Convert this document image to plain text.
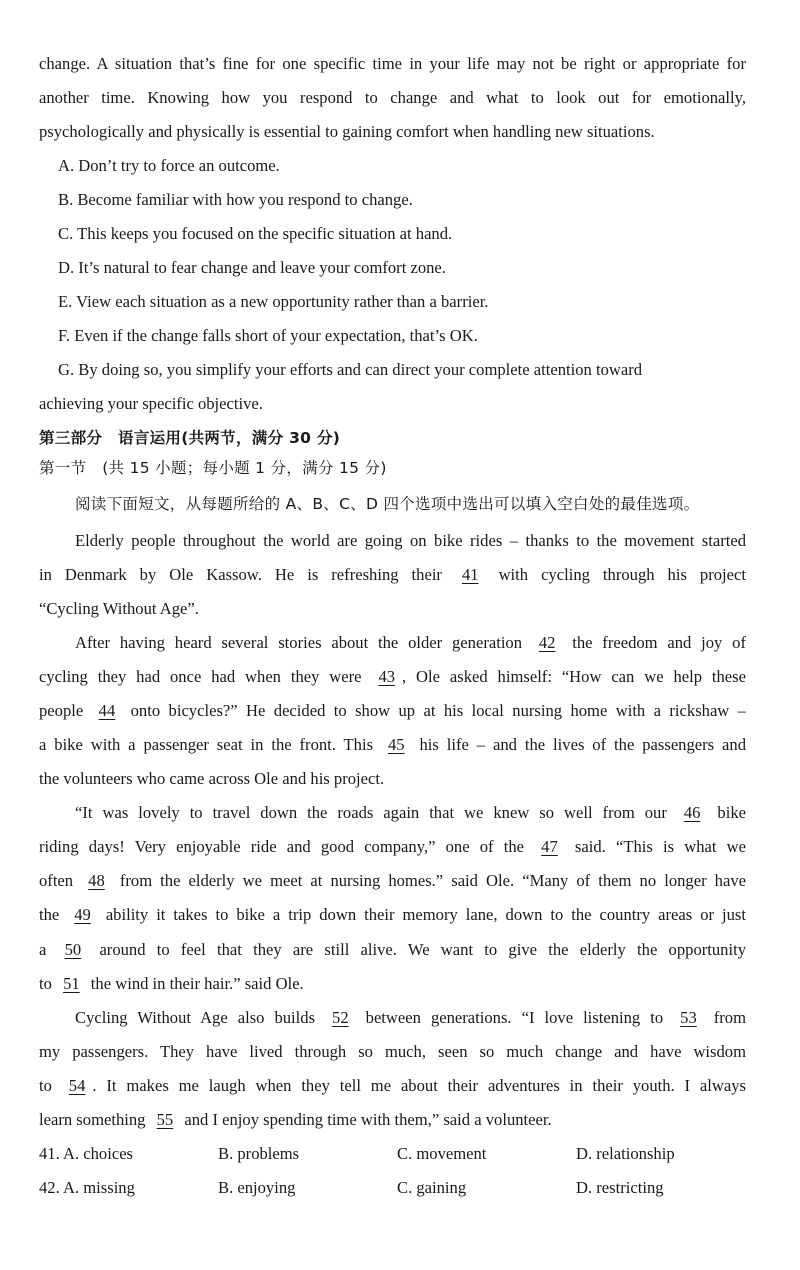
change. A situation that’s fine for one specific time in your life may not be right or appropriate for
another time. Knowing how you respond to change and what to look out for emotionally,
psychologically and physically is essential to gaining comfort when handling new situations.
A. Don’t try to force an outcome.
B. Become familiar with how you respond to change.
C. This keeps you focused on the specific situation at hand.
D. It’s natural to fear change and leave your comfort zone.
E. View each situation as a new opportunity rather than a barrier.
F. Even if the change falls short of your expectation, that’s OK.
G. By doing so, you simplify your efforts and can direct your complete attention toward
achieving your specific objective.
第三部分　语言运用(共两节，满分 30 分)
第一节　(共 15 小题；每小题 1 分，满分 15 分)
阅读下面短文，从每题所给的 A、B、C、D 四个选项中选出可以填入空白处的最佳选项。
Elderly people throughout the world are going on bike rides – thanks to the movement started
in Denmark by Ole Kassow. He is refreshing their 41 with cycling through his project
“Cycling Without Age”.
After having heard several stories about the older generation 42 the freedom and joy of
cycling they had once had when they were 43 , Ole asked himself: “How can we help these
people 44 onto bicycles?” He decided to show up at his local nursing home with a rickshaw –
a bike with a passenger seat in the front. This 45 his life – and the lives of the passengers and
the volunteers who came across Ole and his project.
“It was lovely to travel down the roads again that we knew so well from our 46 bike
riding days! Very enjoyable ride and good company,” one of the 47 said. “This is what we
often 48 from the elderly we meet at nursing homes.” said Ole. “Many of them no longer have
the 49 ability it takes to bike a trip down their memory lane, down to the country areas or just
a 50 around to feel that they are still alive. We want to give the elderly the opportunity
to 51 the wind in their hair.” said Ole.
Cycling Without Age also builds 52 between generations. “I love listening to 53 from
my passengers. They have lived through so much, seen so much change and have wisdom
to 54 . It makes me laugh when they tell me about their adventures in their youth. I always
learn something 55 and I enjoy spending time with them,” said a volunteer.
41. A. choices	B. problems	C. movement	D. relationship
42. A. missing	B. enjoying	C. gaining	D. restricting
